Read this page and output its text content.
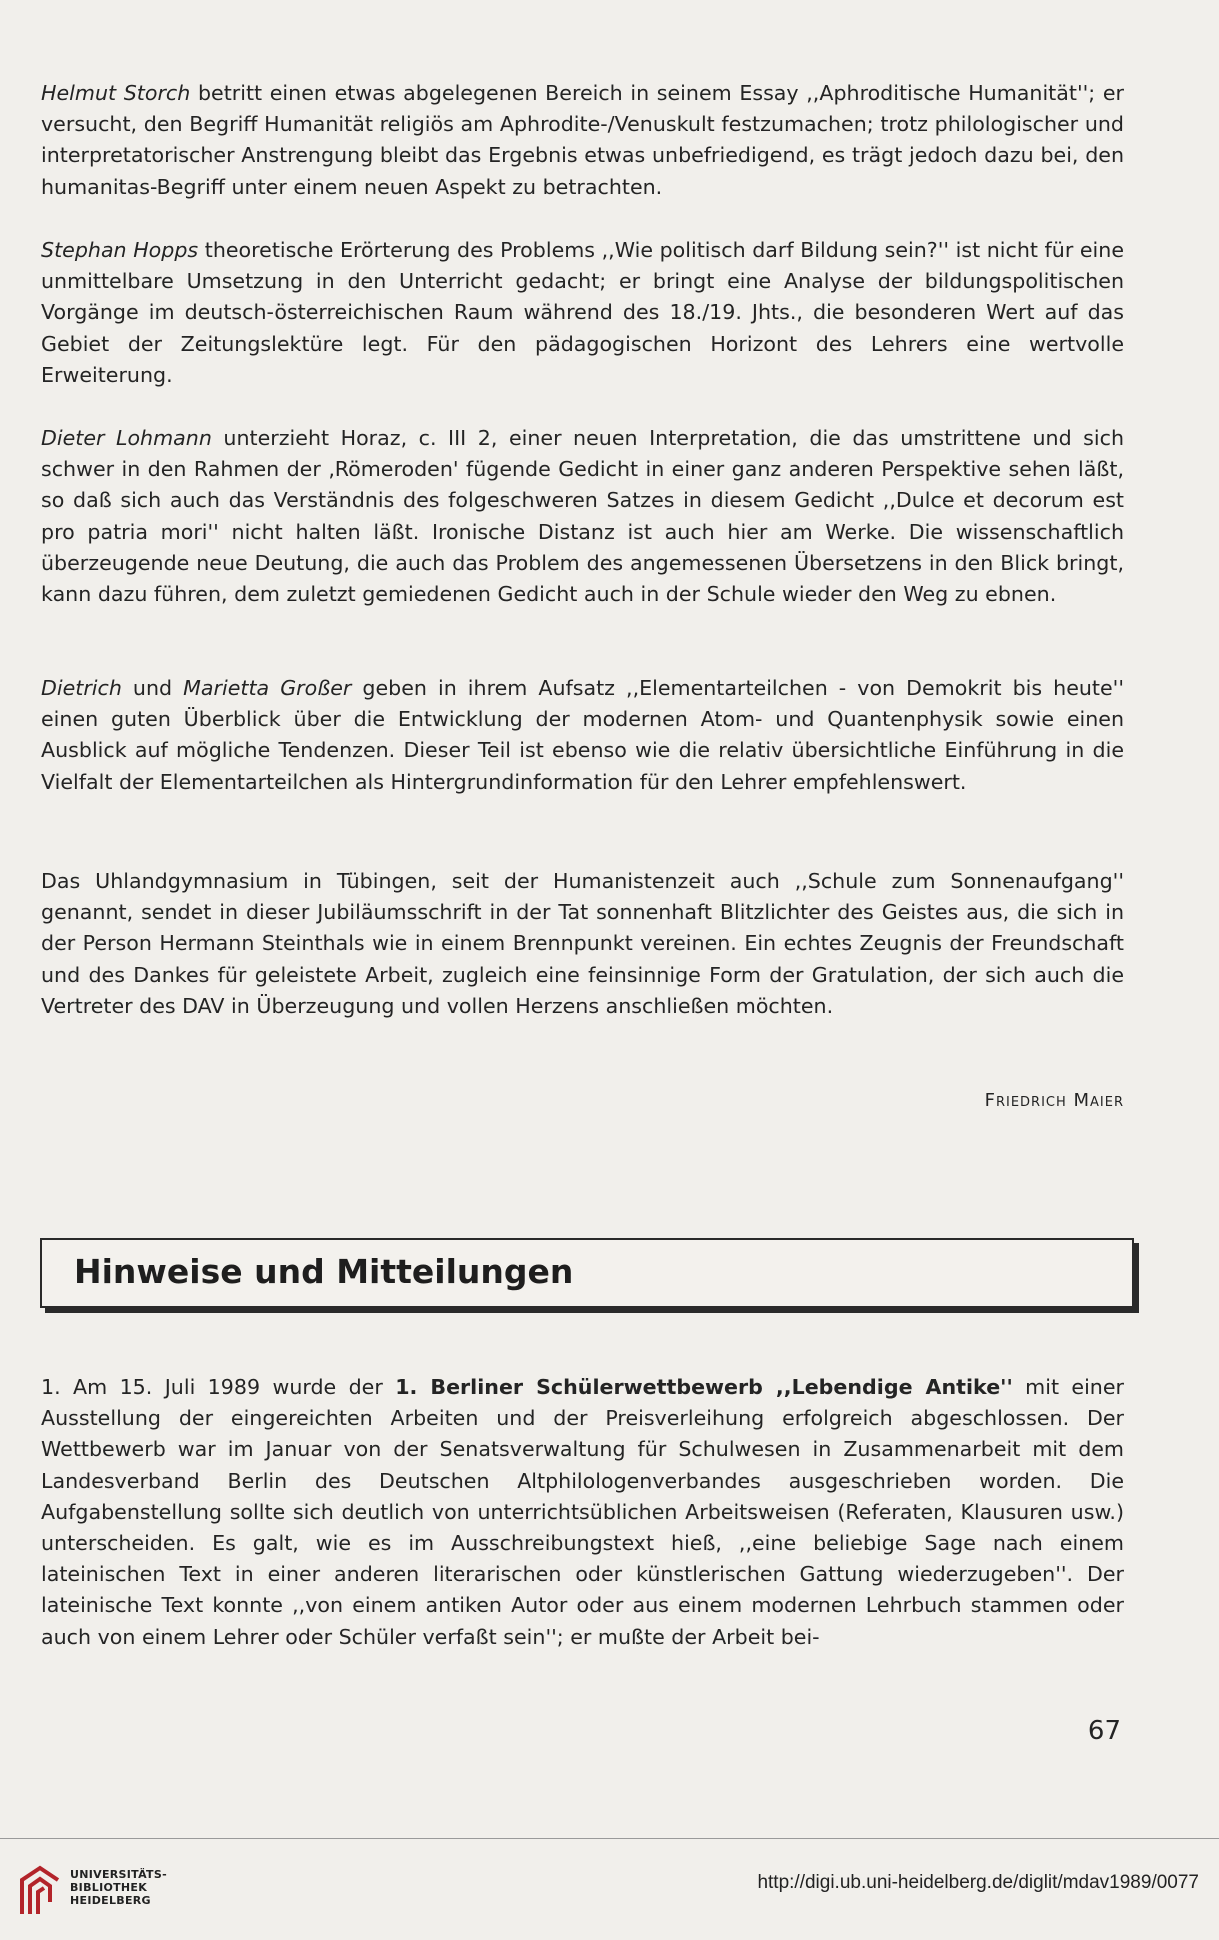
Helmut Storch betritt einen etwas abgelegenen Bereich in seinem Essay ,,Aphroditische Humanität''; er versucht, den Begriff Humanität religiös am Aphrodite-/Venuskult festzumachen; trotz philologischer und interpretatorischer Anstrengung bleibt das Ergebnis etwas unbefriedigend, es trägt jedoch dazu bei, den humanitas-Begriff unter einem neuen Aspekt zu betrachten.

Stephan Hopps theoretische Erörterung des Problems ,,Wie politisch darf Bildung sein?'' ist nicht für eine unmittelbare Umsetzung in den Unterricht gedacht; er bringt eine Analyse der bildungspolitischen Vorgänge im deutsch-österreichischen Raum während des 18./19. Jhts., die besonderen Wert auf das Gebiet der Zeitungslektüre legt. Für den pädagogischen Horizont des Lehrers eine wertvolle Erweiterung.

Dieter Lohmann unterzieht Horaz, c. III 2, einer neuen Interpretation, die das umstrittene und sich schwer in den Rahmen der ‚Römeroden' fügende Gedicht in einer ganz anderen Perspektive sehen läßt, so daß sich auch das Verständnis des folgeschweren Satzes in diesem Gedicht ,,Dulce et decorum est pro patria mori'' nicht halten läßt. Ironische Distanz ist auch hier am Werke. Die wissenschaftlich überzeugende neue Deutung, die auch das Problem des angemessenen Übersetzens in den Blick bringt, kann dazu führen, dem zuletzt gemiedenen Gedicht auch in der Schule wieder den Weg zu ebnen.

Dietrich und Marietta Großer geben in ihrem Aufsatz ,,Elementarteilchen - von Demokrit bis heute'' einen guten Überblick über die Entwicklung der modernen Atom- und Quantenphysik sowie einen Ausblick auf mögliche Tendenzen. Dieser Teil ist ebenso wie die relativ übersichtliche Einführung in die Vielfalt der Elementarteilchen als Hintergrundinformation für den Lehrer empfehlenswert.

Das Uhlandgymnasium in Tübingen, seit der Humanistenzeit auch ,,Schule zum Sonnenaufgang'' genannt, sendet in dieser Jubiläumsschrift in der Tat sonnenhaft Blitzlichter des Geistes aus, die sich in der Person Hermann Steinthals wie in einem Brennpunkt vereinen. Ein echtes Zeugnis der Freundschaft und des Dankes für geleistete Arbeit, zugleich eine feinsinnige Form der Gratulation, der sich auch die Vertreter des DAV in Überzeugung und vollen Herzens anschließen möchten.

Friedrich Maier

Hinweise und Mitteilungen

1. Am 15. Juli 1989 wurde der 1. Berliner Schülerwettbewerb ,,Lebendige Antike'' mit einer Ausstellung der eingereichten Arbeiten und der Preisverleihung erfolgreich abgeschlossen. Der Wettbewerb war im Januar von der Senatsverwaltung für Schulwesen in Zusammenarbeit mit dem Landesverband Berlin des Deutschen Altphilologenverbandes ausgeschrieben worden. Die Aufgabenstellung sollte sich deutlich von unterrichtsüblichen Arbeitsweisen (Referaten, Klausuren usw.) unterscheiden. Es galt, wie es im Ausschreibungstext hieß, ,,eine beliebige Sage nach einem lateinischen Text in einer anderen literarischen oder künstlerischen Gattung wiederzugeben''. Der lateinische Text konnte ,,von einem antiken Autor oder aus einem modernen Lehrbuch stammen oder auch von einem Lehrer oder Schüler verfaßt sein''; er mußte der Arbeit bei-

67

UNIVERSITÄTS-
BIBLIOTHEK
HEIDELBERG

http://digi.ub.uni-heidelberg.de/diglit/mdav1989/0077
